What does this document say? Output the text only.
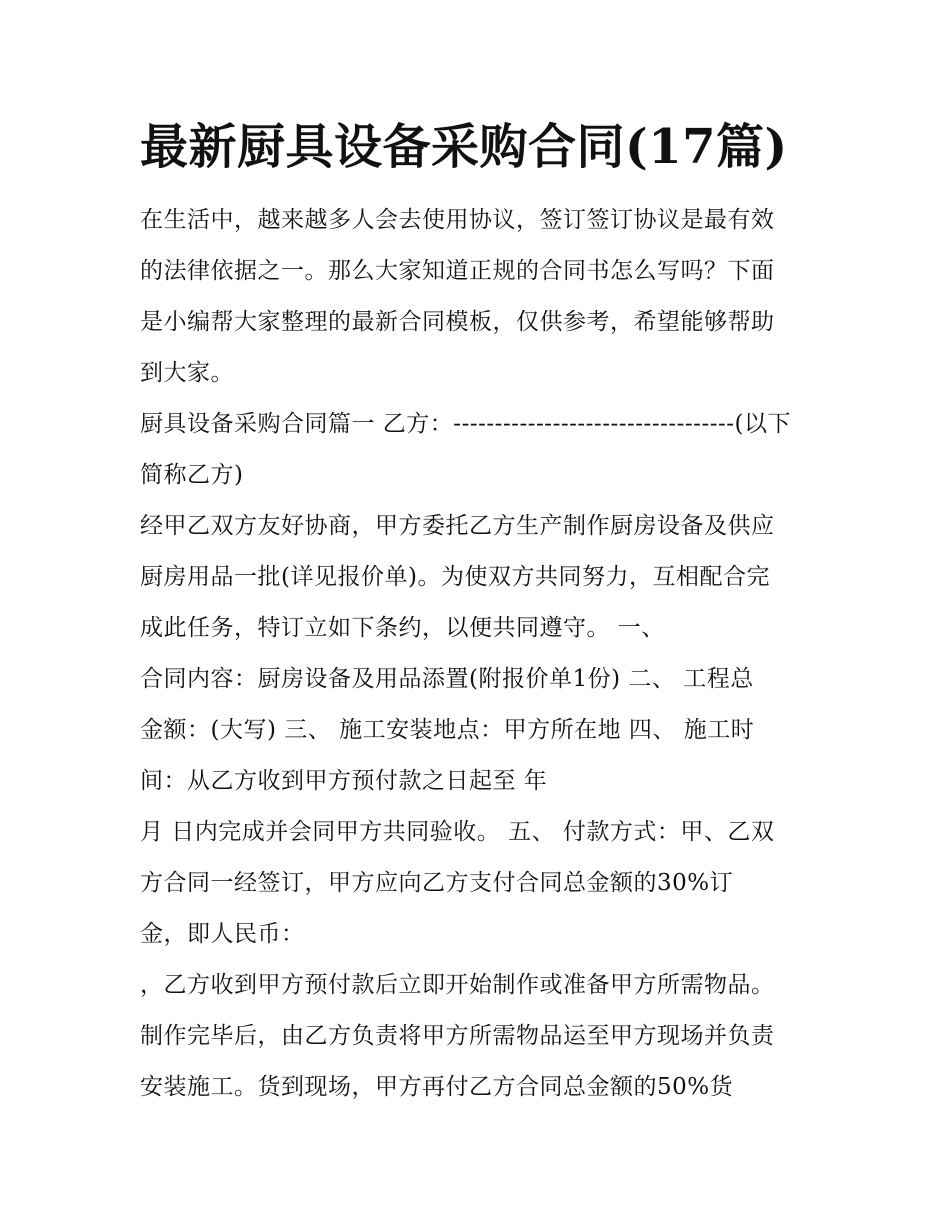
最新厨具设备采购合同(17篇)

在生活中，越来越多人会去使用协议，签订签订协议是最有效

的法律依据之一。那么大家知道正规的合同书怎么写吗？下面

是小编帮大家整理的最新合同模板，仅供参考，希望能够帮助

到大家。

厨具设备采购合同篇一 乙方：----------------------------------(以下

简称乙方)

经甲乙双方友好协商，甲方委托乙方生产制作厨房设备及供应

厨房用品一批(详见报价单)。为使双方共同努力，互相配合完

成此任务，特订立如下条约，以便共同遵守。 一、

合同内容：厨房设备及用品添置(附报价单1份) 二、 工程总

金额：(大写) 三、 施工安装地点：甲方所在地 四、 施工时

间：从乙方收到甲方预付款之日起至 年

月 日内完成并会同甲方共同验收。 五、 付款方式：甲、乙双

方合同一经签订，甲方应向乙方支付合同总金额的30%订

金，即人民币：

，乙方收到甲方预付款后立即开始制作或准备甲方所需物品。

制作完毕后，由乙方负责将甲方所需物品运至甲方现场并负责

安装施工。货到现场，甲方再付乙方合同总金额的50%货
